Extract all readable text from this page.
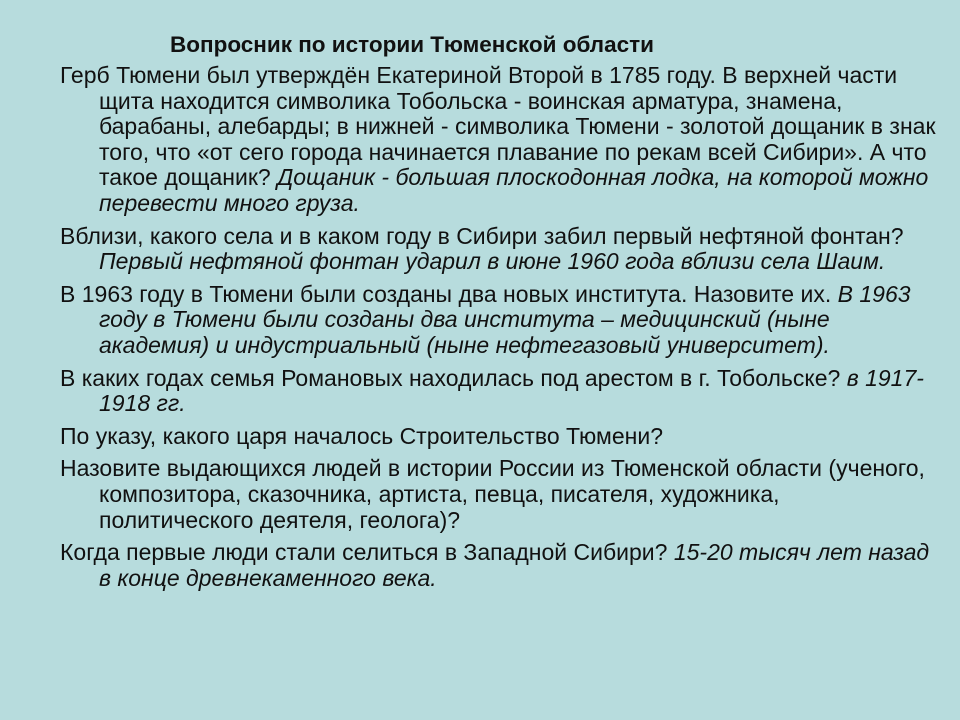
Вопросник по истории Тюменской области

Герб Тюмени был утверждён Екатериной Второй в 1785 году. В верхней части щита находится символика Тобольска - воинская арматура, знамена, барабаны, алебарды; в нижней - символика Тюмени - золотой дощаник в знак того, что «от сего города начинается плавание по рекам всей Сибири». А что такое дощаник? Дощаник - большая плоскодонная лодка, на которой можно перевести много груза.

Вблизи, какого села и в каком году в Сибири забил первый нефтяной фонтан? Первый нефтяной фонтан ударил в июне 1960 года вблизи села Шаим.

В 1963 году в Тюмени были созданы два новых института. Назовите их. В 1963 году в Тюмени были созданы два института – медицинский (ныне академия) и индустриальный (ныне нефтегазовый университет).

В каких годах семья Романовых находилась под арестом в г. Тобольске? в 1917-1918 гг.

По указу, какого царя началось Строительство Тюмени?

Назовите выдающихся людей в истории России из Тюменской области (ученого, композитора, сказочника, артиста, певца, писателя, художника, политического деятеля, геолога)?

Когда первые люди стали селиться в Западной Сибири? 15-20 тысяч лет назад в конце древнекаменного века.
